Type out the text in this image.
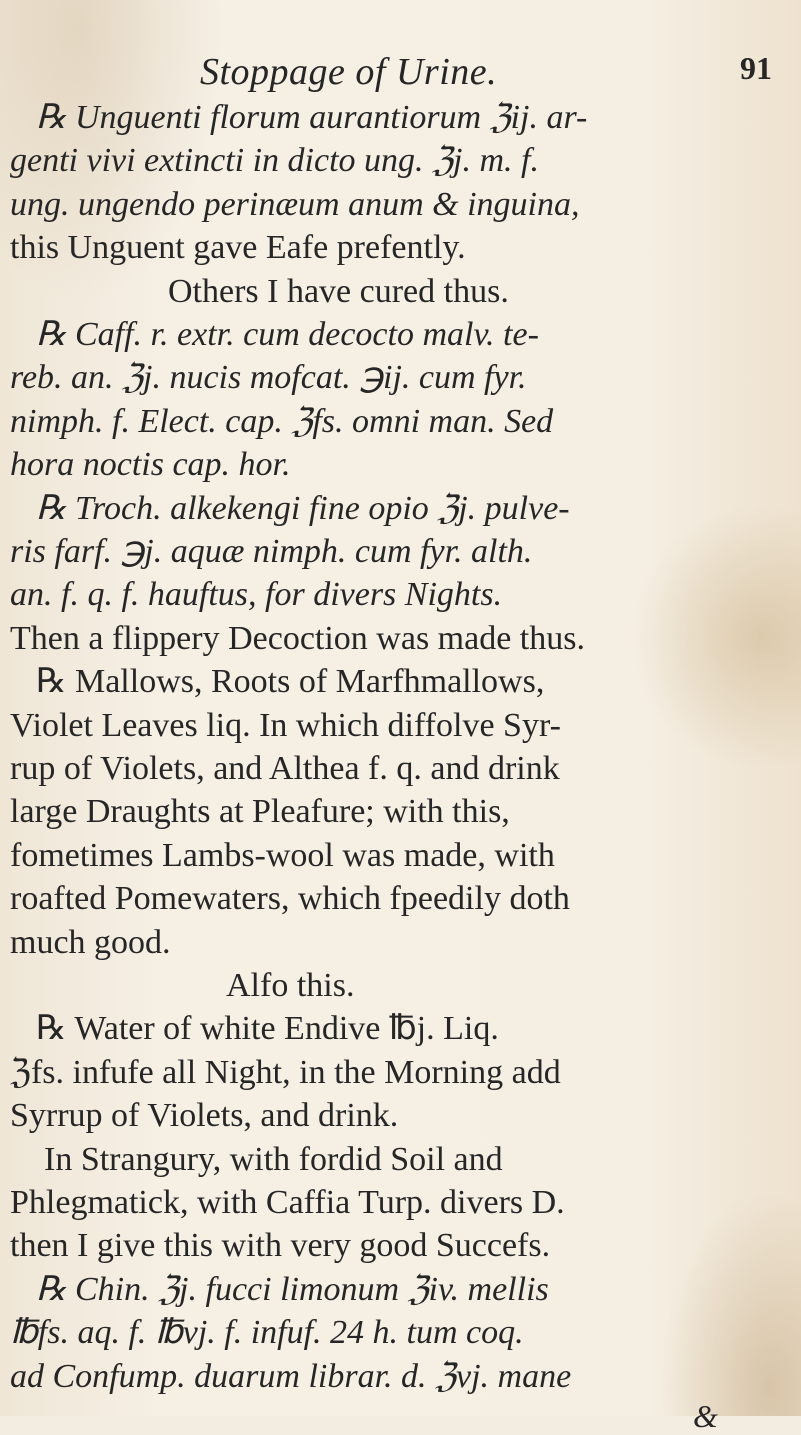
Stoppage of Urine.	91
℞ Unguenti florum aurantiorum ℨij. ar-
genti vivi extincti in dicto ung. ℨj. m. f.
ung. ungendo perinæum anum & inguina,
this Unguent gave Eafe prefently.
Others I have cured thus.
℞ Caff. r. extr. cum decocto malv. te-
reb. an. ℨj. nucis mofcat. ℈ij. cum fyr.
nimph. f. Elect. cap. ℨfs. omni man. Sed
hora noctis cap. hor.
℞ Troch. alkekengi fine opio ℨj. pulve-
ris farf. ℈j. aquæ nimph. cum fyr. alth.
an. f. q. f. hauftus, for divers Nights.
Then a flippery Decoction was made thus.
℞ Mallows, Roots of Marfhmallows,
Violet Leaves liq. In which diffolve Syr-
rup of Violets, and Althea f. q. and drink
large Draughts at Pleafure; with this,
fometimes Lambs-wool was made, with
roafted Pomewaters, which fpeedily doth
much good.
Alfo this.
℞ Water of white Endive ℔j. Liq.
ℨfs. infufe all Night, in the Morning add
Syrrup of Violets, and drink.
In Strangury, with fordid Soil and
Phlegmatick, with Caffia Turp. divers D.
then I give this with very good Succefs.
℞ Chin. ℨj. fucci limonum ℨiv. mellis
℔fs. aq. f. ℔vj. f. infuf. 24 h. tum coq.
ad Confump. duarum librar. d. ℨvj. mane
&
